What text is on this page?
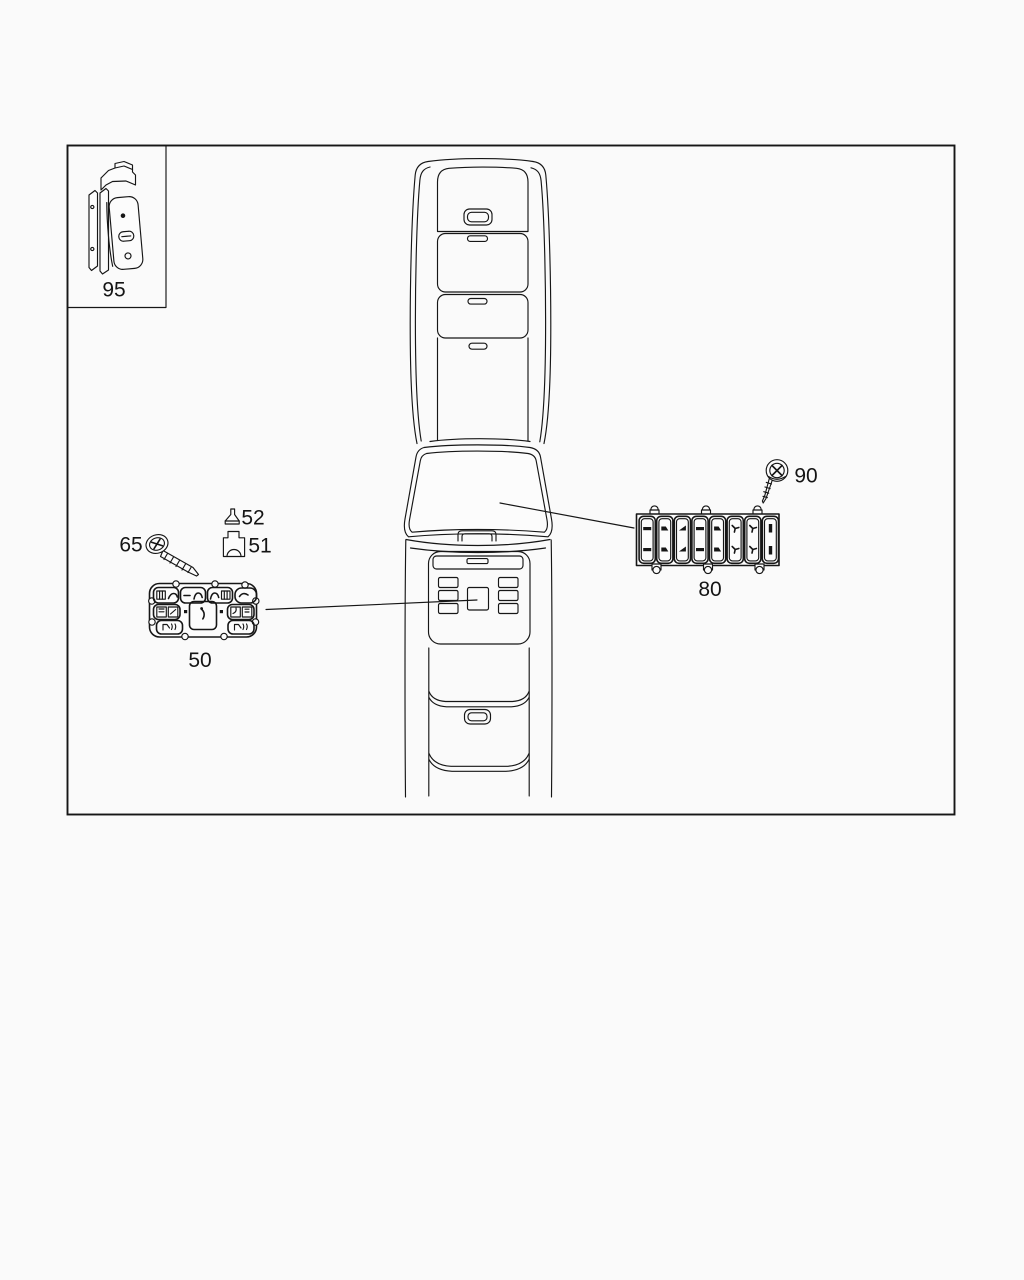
95
50
65
52
51
80
90
